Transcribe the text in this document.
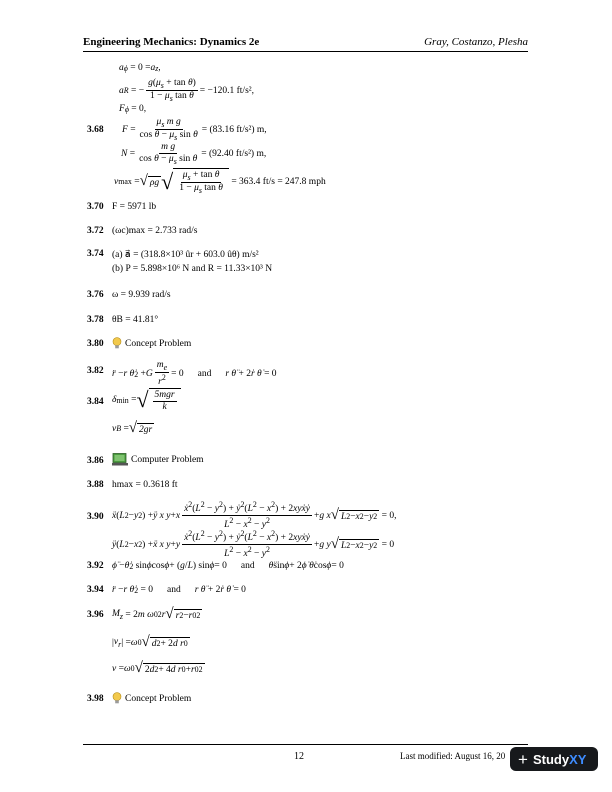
Engineering Mechanics: Dynamics 2e	Gray, Costanzo, Plesha
a ϕ = 0 = a z ,
a R = − $\frac{g(\mu_s + \tan \theta)}{1 - \mu_s \tan \theta} = -120.1$ ft/s²,
F ϕ = 0,
3.68 $F = \frac{\mu_s m g}{\cos \theta - \mu_s \sin \theta} = (83.16$ ft/s²) m,
$N = \frac{\text{m g}}{\cos \theta - \mu_s \sin \theta} = (92.40$ ft/s²) m,
v max = √ ρg √ $\frac{\mu_s + \tan \theta}{1 - \mu_s \tan \theta}$
= 363.4 ft/s = 247.8 mph
3.70 F = 5971 lb
3.72 (ωc)max = 2.733 rad/s
3.74 (a) a⃗ = (318.8×10³ ûr + 603.0 ûθ) m/s²
(b) P = 5.898×10⁶ N and R = 11.33×10³ N
3.76 ω = 9.939 rad/s
3.78 θB = 41.81°
3.80 Concept Problem
3.82 r̈ − r θ̇ 2 + G $\frac{m_e}{r^2} = 0$ and r θ̈ + 2 ṙ θ̇ = 0
3.84 δ min = √ $\frac{\text{5mgr}}{k}$
v B = √ 2gr
3.86	Computer Problem
3.88 hmax = 0.3618 ft
3.90 ẍ ( L 2 − y 2 ) + ÿ x y + x $\frac{ẋ^2(L^2 - y^2) + ẏ^2(L^2 - x^2) + 2xyẋẏ}{L^2 - x^2 - y^2} + g$ x √ L 2 − x 2 − y 2 = 0,
ÿ ( L 2 − x 2 ) + ẍ x y + y $\frac{ẋ^2(L^2 - y^2) + ẏ^2(L^2 - x^2) + 2xyẋẏ}{L^2 - x^2 - y^2} + g$ y √ L 2 − x 2 − y 2 = 0
3.92 ϕ̈ − θ̇ 2 sin ϕ cos ϕ + ( g / L ) sin ϕ = 0 and θ̈ sin ϕ + 2 ϕ̇ θ̇ cos ϕ = 0
3.94 r̈ − r θ̇ 2 = 0 and r θ̈ + 2 ṙ θ̇ = 0
3.96 $M_z = 2$ m ω 0 2 r √ r 2 − r 0 2
| $v_r$ | = ω 0 √ d 2 + 2 d r 0
v = ω 0 √ 2 d 2 + 4 d r 0 + r 0 2
3.98 Concept Problem
12	Last modified: August 16, 20 + StudyXY
